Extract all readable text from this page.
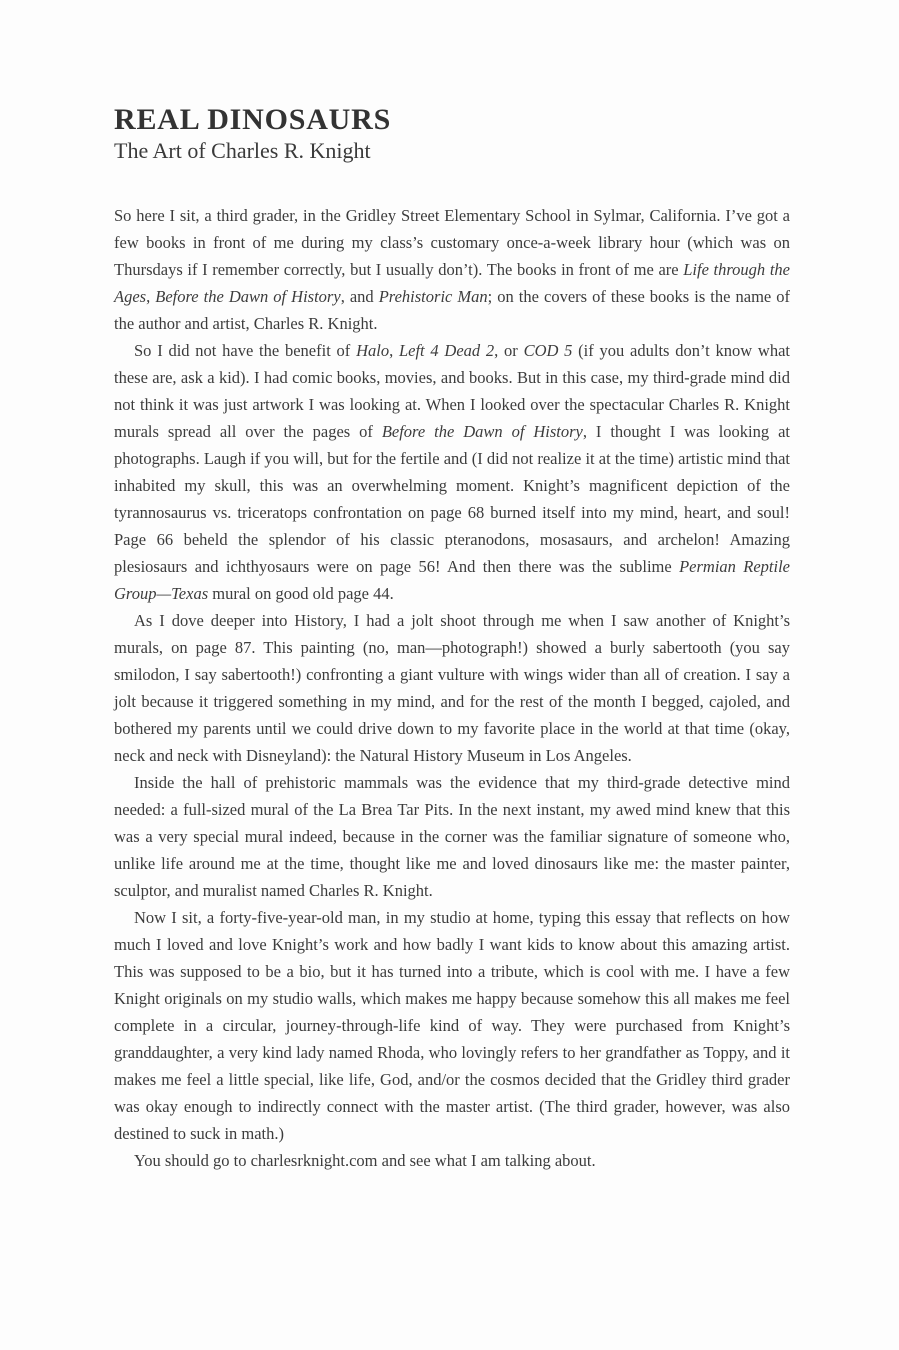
REAL DINOSAURS
The Art of Charles R. Knight

So here I sit, a third grader, in the Gridley Street Elementary School in Sylmar, California. I’ve got a few books in front of me during my class’s customary once-a-week library hour (which was on Thursdays if I remember correctly, but I usually don’t). The books in front of me are Life through the Ages, Before the Dawn of History, and Prehistoric Man; on the covers of these books is the name of the author and artist, Charles R. Knight.

So I did not have the benefit of Halo, Left 4 Dead 2, or COD 5 (if you adults don’t know what these are, ask a kid). I had comic books, movies, and books. But in this case, my third-grade mind did not think it was just artwork I was looking at. When I looked over the spectacular Charles R. Knight murals spread all over the pages of Before the Dawn of History, I thought I was looking at photographs. Laugh if you will, but for the fertile and (I did not realize it at the time) artistic mind that inhabited my skull, this was an overwhelming moment. Knight’s magnificent depiction of the tyrannosaurus vs. triceratops confrontation on page 68 burned itself into my mind, heart, and soul! Page 66 beheld the splendor of his classic pteranodons, mosasaurs, and archelon! Amazing plesiosaurs and ichthyosaurs were on page 56! And then there was the sublime Permian Reptile Group—Texas mural on good old page 44.

As I dove deeper into History, I had a jolt shoot through me when I saw another of Knight’s murals, on page 87. This painting (no, man—photograph!) showed a burly sabertooth (you say smilodon, I say sabertooth!) confronting a giant vulture with wings wider than all of creation. I say a jolt because it triggered something in my mind, and for the rest of the month I begged, cajoled, and bothered my parents until we could drive down to my favorite place in the world at that time (okay, neck and neck with Disneyland): the Natural History Museum in Los Angeles.

Inside the hall of prehistoric mammals was the evidence that my third-grade detective mind needed: a full-sized mural of the La Brea Tar Pits. In the next instant, my awed mind knew that this was a very special mural indeed, because in the corner was the familiar signature of someone who, unlike life around me at the time, thought like me and loved dinosaurs like me: the master painter, sculptor, and muralist named Charles R. Knight.

Now I sit, a forty-five-year-old man, in my studio at home, typing this essay that reflects on how much I loved and love Knight’s work and how badly I want kids to know about this amazing artist. This was supposed to be a bio, but it has turned into a tribute, which is cool with me. I have a few Knight originals on my studio walls, which makes me happy because somehow this all makes me feel complete in a circular, journey-through-life kind of way. They were purchased from Knight’s granddaughter, a very kind lady named Rhoda, who lovingly refers to her grandfather as Toppy, and it makes me feel a little special, like life, God, and/or the cosmos decided that the Gridley third grader was okay enough to indirectly connect with the master artist. (The third grader, however, was also destined to suck in math.)

You should go to charlesrknight.com and see what I am talking about.
